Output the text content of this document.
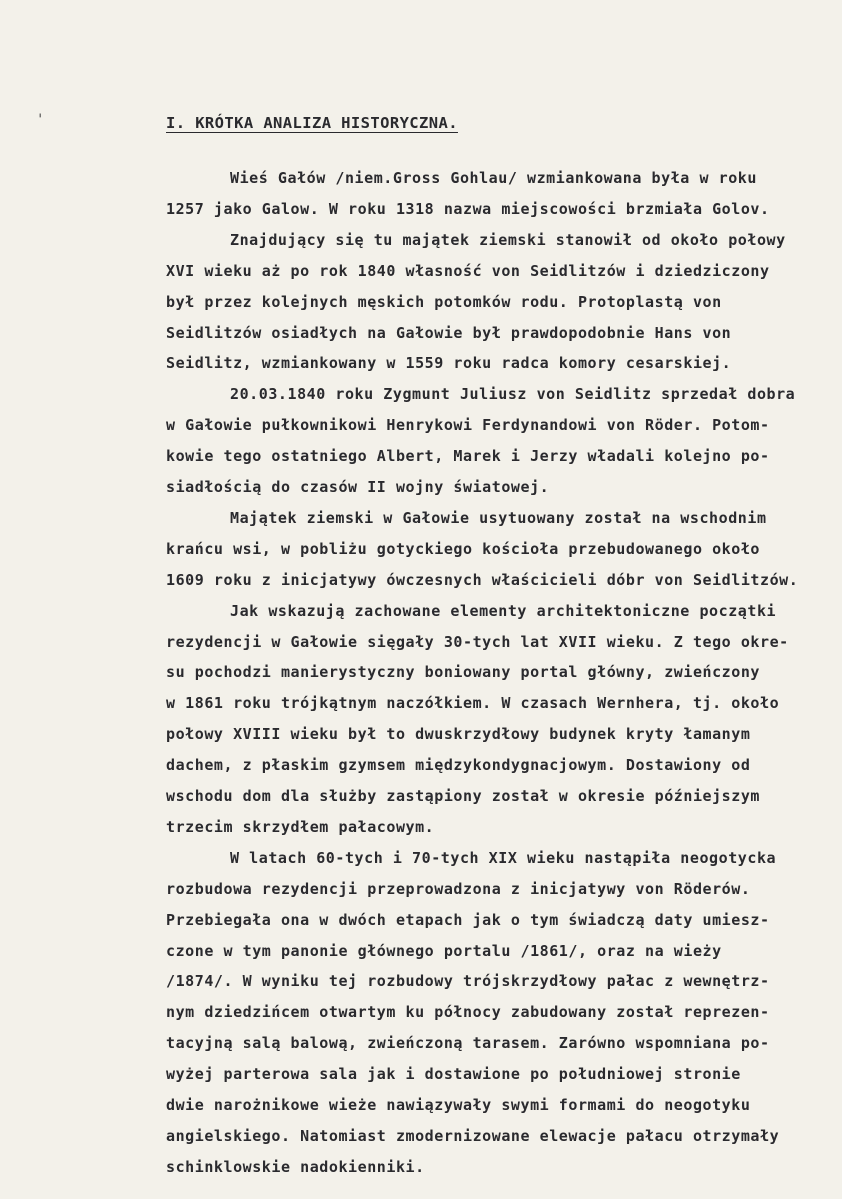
'	I. KRÓTKA ANALIZA HISTORYCZNA.
Wieś Gałów /niem.Gross Gohlau/ wzmiankowana była w roku
1257 jako Galow. W roku 1318 nazwa miejscowości brzmiała Golov.
Znajdujący się tu majątek ziemski stanowił od około połowy
XVI wieku aż po rok 1840 własność von Seidlitzów i dziedziczony
był przez kolejnych męskich potomków rodu. Protoplastą von
Seidlitzów osiadłych na Gałowie był prawdopodobnie Hans von
Seidlitz, wzmiankowany w 1559 roku radca komory cesarskiej.
20.03.1840 roku Zygmunt Juliusz von Seidlitz sprzedał dobra
w Gałowie pułkownikowi Henrykowi Ferdynandowi von Röder. Potom-
kowie tego ostatniego Albert, Marek i Jerzy władali kolejno po-
siadłością do czasów II wojny światowej.
Majątek ziemski w Gałowie usytuowany został na wschodnim
krańcu wsi, w pobliżu gotyckiego kościoła przebudowanego około
1609 roku z inicjatywy ówczesnych właścicieli dóbr von Seidlitzów.
Jak wskazują zachowane elementy architektoniczne początki
rezydencji w Gałowie sięgały 30-tych lat XVII wieku. Z tego okre-
su pochodzi manierystyczny boniowany portal główny, zwieńczony
w 1861 roku trójkątnym naczółkiem. W czasach Wernhera, tj. około
połowy XVIII wieku był to dwuskrzydłowy budynek kryty łamanym
dachem, z płaskim gzymsem międzykondygnacjowym. Dostawiony od
wschodu dom dla służby zastąpiony został w okresie późniejszym
trzecim skrzydłem pałacowym.
W latach 60-tych i 70-tych XIX wieku nastąpiła neogotycka
rozbudowa rezydencji przeprowadzona z inicjatywy von Röderów.
Przebiegała ona w dwóch etapach jak o tym świadczą daty umiesz-
czone w tym panonie głównego portalu /1861/, oraz na wieży
/1874/. W wyniku tej rozbudowy trójskrzydłowy pałac z wewnętrz-
nym dziedzińcem otwartym ku północy zabudowany został reprezen-
tacyjną salą balową, zwieńczoną tarasem. Zarówno wspomniana po-
wyżej parterowa sala jak i dostawione po południowej stronie
dwie narożnikowe wieże nawiązywały swymi formami do neogotyku
angielskiego. Natomiast zmodernizowane elewacje pałacu otrzymały
schinklowskie nadokienniki.
